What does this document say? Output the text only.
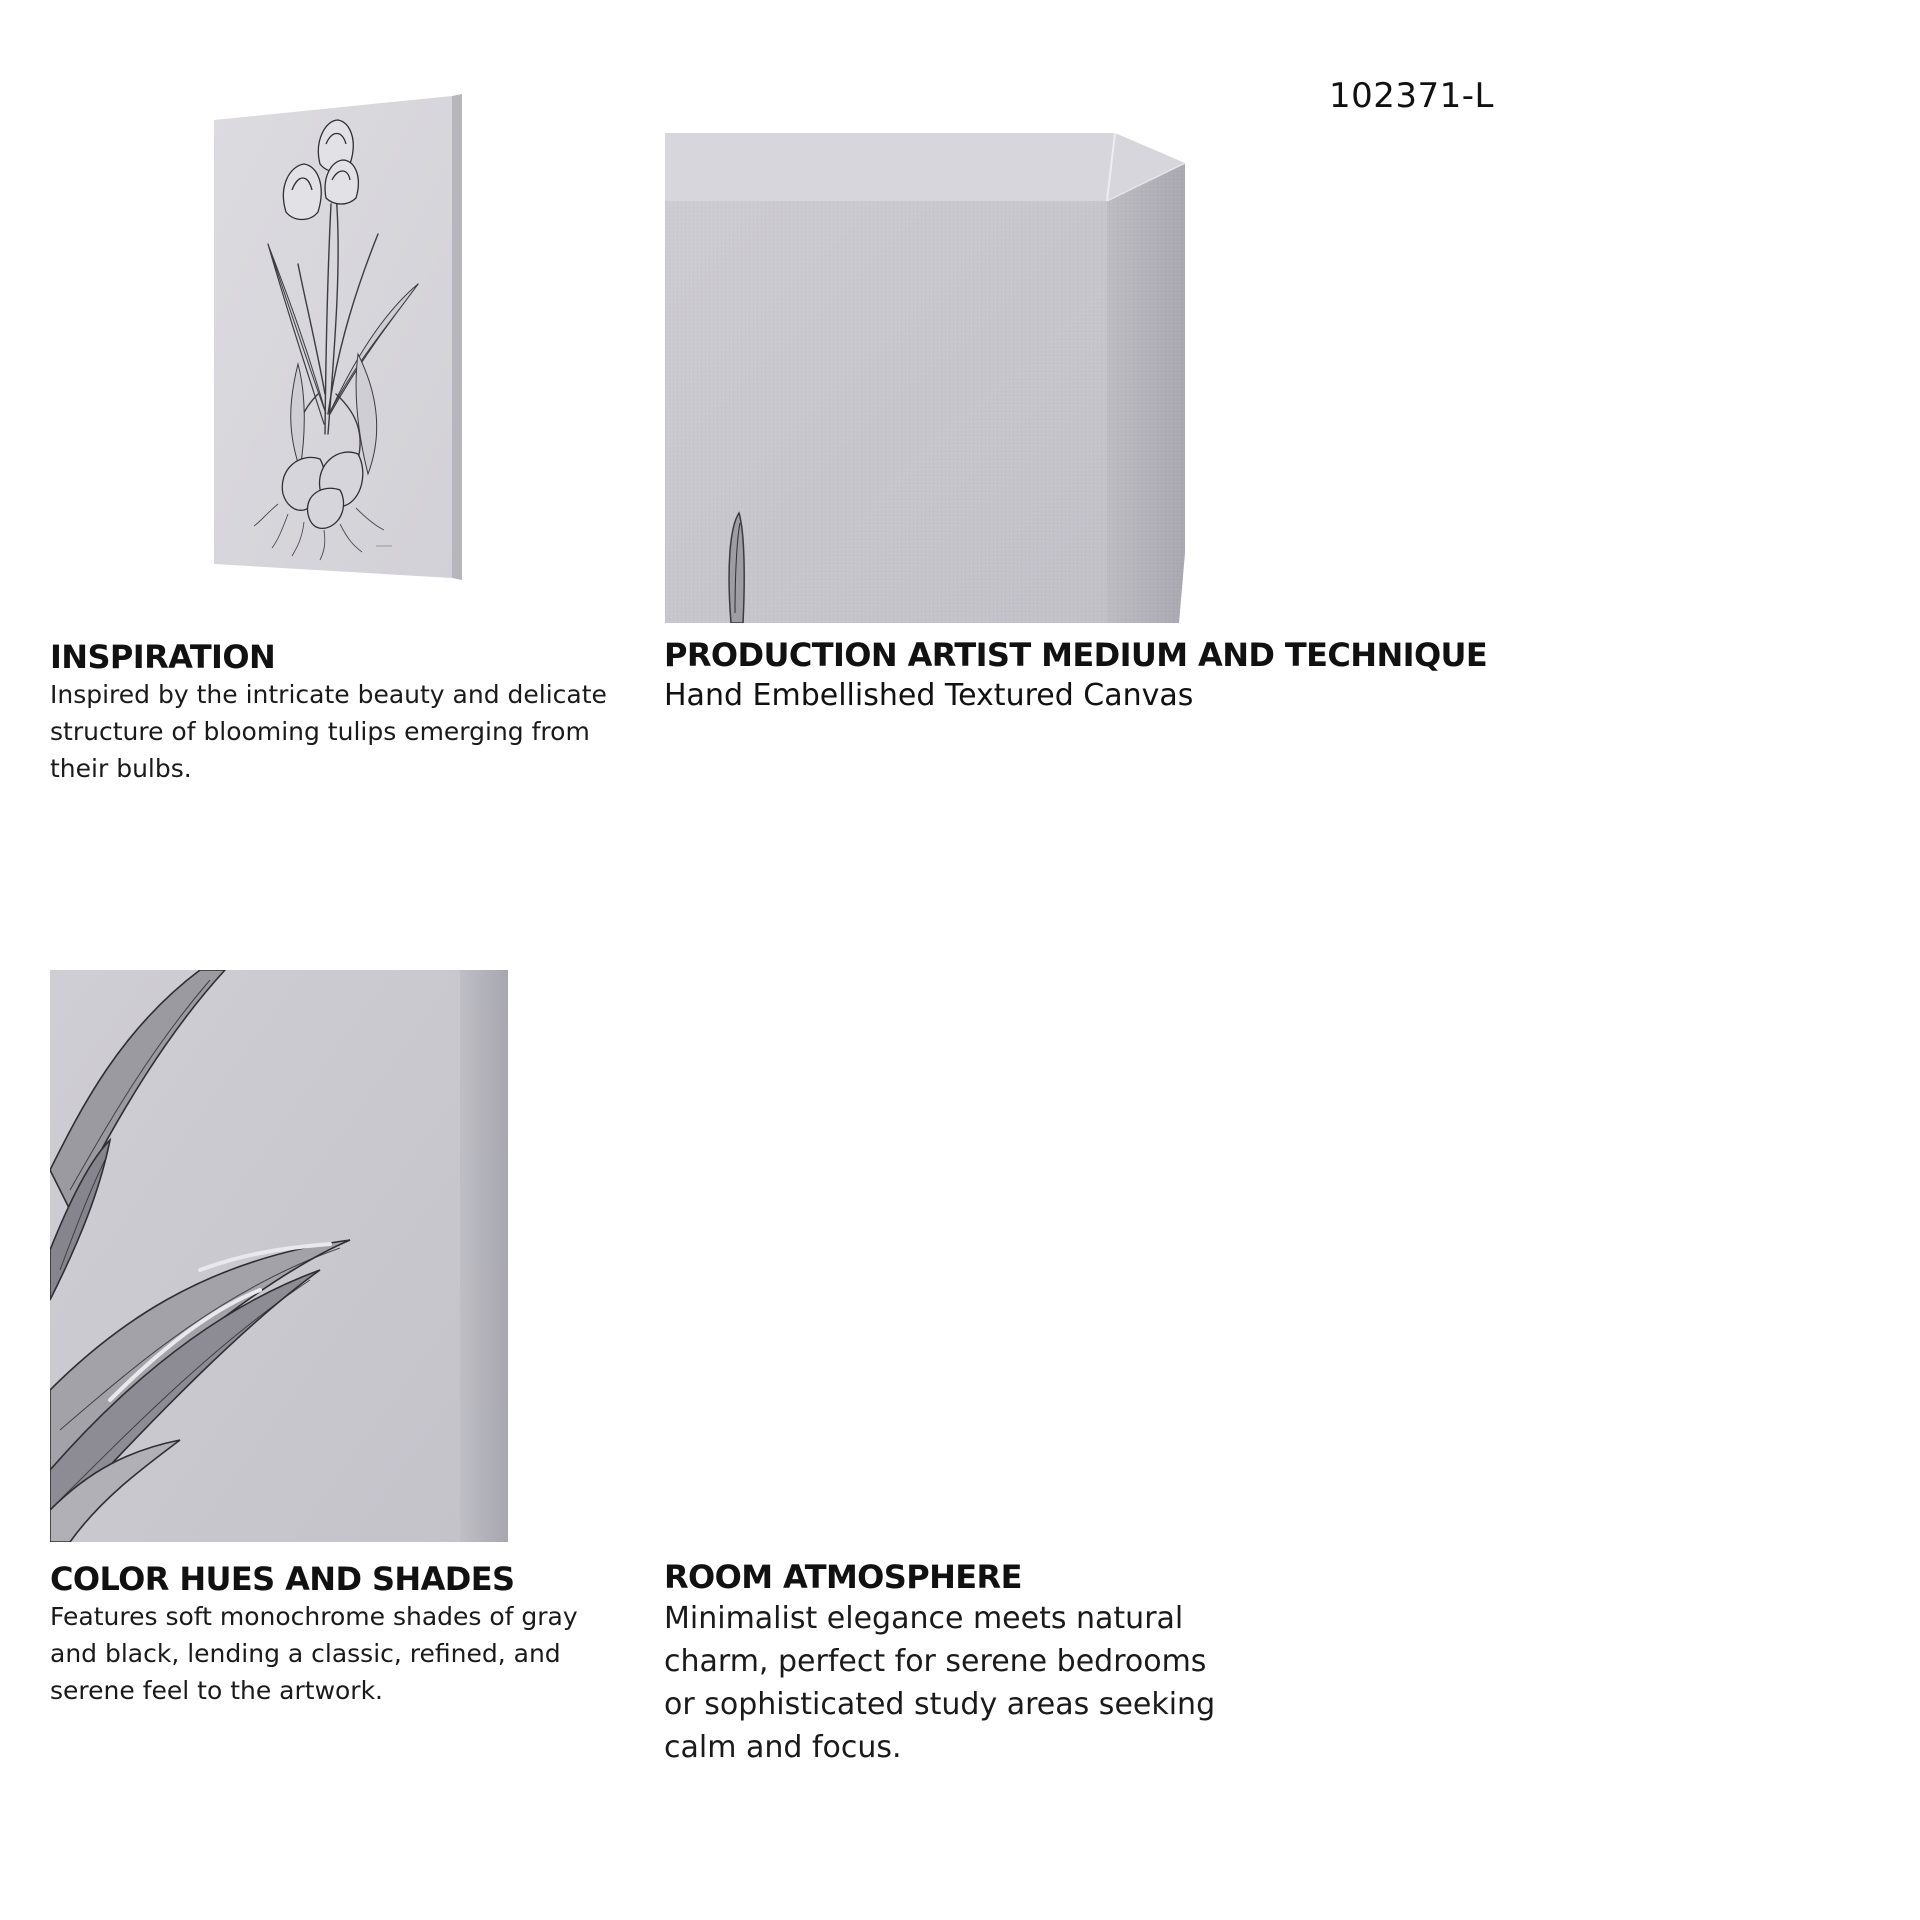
102371-L
INSPIRATION
Inspired by the intricate beauty and delicate structure of blooming tulips emerging from their bulbs.
PRODUCTION ARTIST MEDIUM AND TECHNIQUE
Hand Embellished Textured Canvas
COLOR HUES AND SHADES
Features soft monochrome shades of gray and black, lending a classic, refined, and serene feel to the artwork.
ROOM ATMOSPHERE
Minimalist elegance meets natural charm, perfect for serene bedrooms or sophisticated study areas seeking calm and focus.
